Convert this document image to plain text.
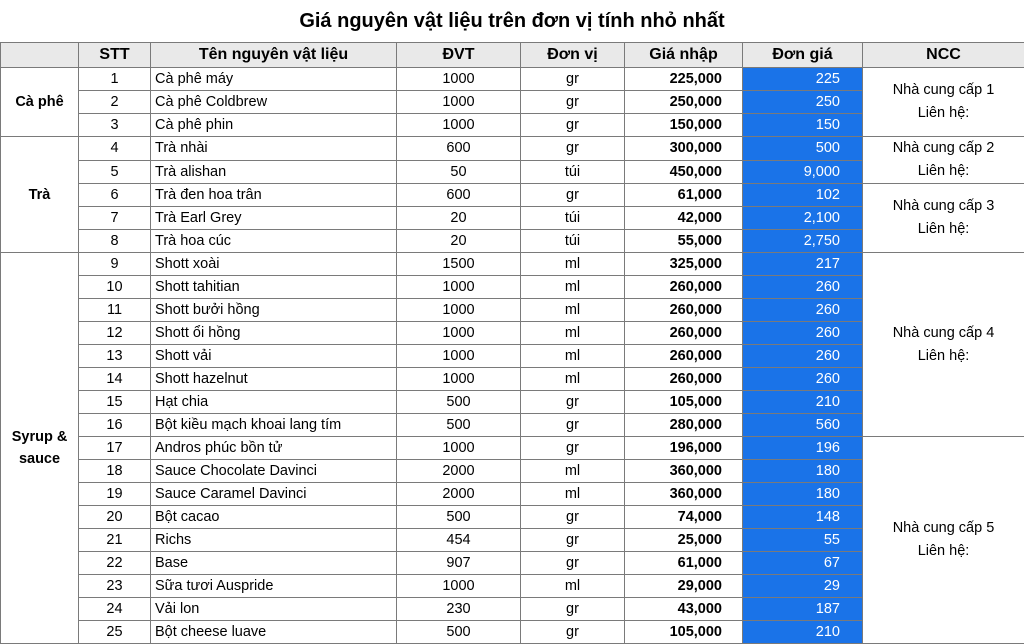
Giá nguyên vật liệu trên đơn vị tính nhỏ nhất
	STT	Tên nguyên vật liệu	ĐVT	Đơn vị	Giá nhập	Đơn giá	NCC
Cà phê	1	Cà phê máy	1000	gr	225,000	225	Nhà cung cấp 1
Liên hệ:

	2	Cà phê Coldbrew	1000	gr	250,000	250	
	3	Cà phê phin	1000	gr	150,000	150	
Trà	4	Trà nhài	600	gr	300,000	500	Nhà cung cấp 2
Liên hệ:

	5	Trà alishan	50	túi	450,000	9,000	
	6	Trà đen hoa trân	600	gr	61,000	102	Nhà cung cấp 3
Liên hệ:

	7	Trà Earl Grey	20	túi	42,000	2,100	
	8	Trà hoa cúc	20	túi	55,000	2,750	
Syrup & sauce	9	Shott xoài	1500	ml	325,000	217	Nhà cung cấp 4
Liên hệ:

	10	Shott tahitian	1000	ml	260,000	260	
	11	Shott bưởi hồng	1000	ml	260,000	260	
	12	Shott ổi hồng	1000	ml	260,000	260	
	13	Shott vải	1000	ml	260,000	260	
	14	Shott hazelnut	1000	ml	260,000	260	
	15	Hạt chia	500	gr	105,000	210	
	16	Bột kiều mạch khoai lang tím	500	gr	280,000	560	
	17	Andros phúc bồn tử	1000	gr	196,000	196	Nhà cung cấp 5
Liên hệ:

	18	Sauce Chocolate Davinci	2000	ml	360,000	180	
	19	Sauce Caramel Davinci	2000	ml	360,000	180	
	20	Bột cacao	500	gr	74,000	148	
	21	Richs	454	gr	25,000	55	
	22	Base	907	gr	61,000	67	
	23	Sữa tươi Auspride	1000	ml	29,000	29	
	24	Vải lon	230	gr	43,000	187	
	25	Bột cheese luave	500	gr	105,000	210	
